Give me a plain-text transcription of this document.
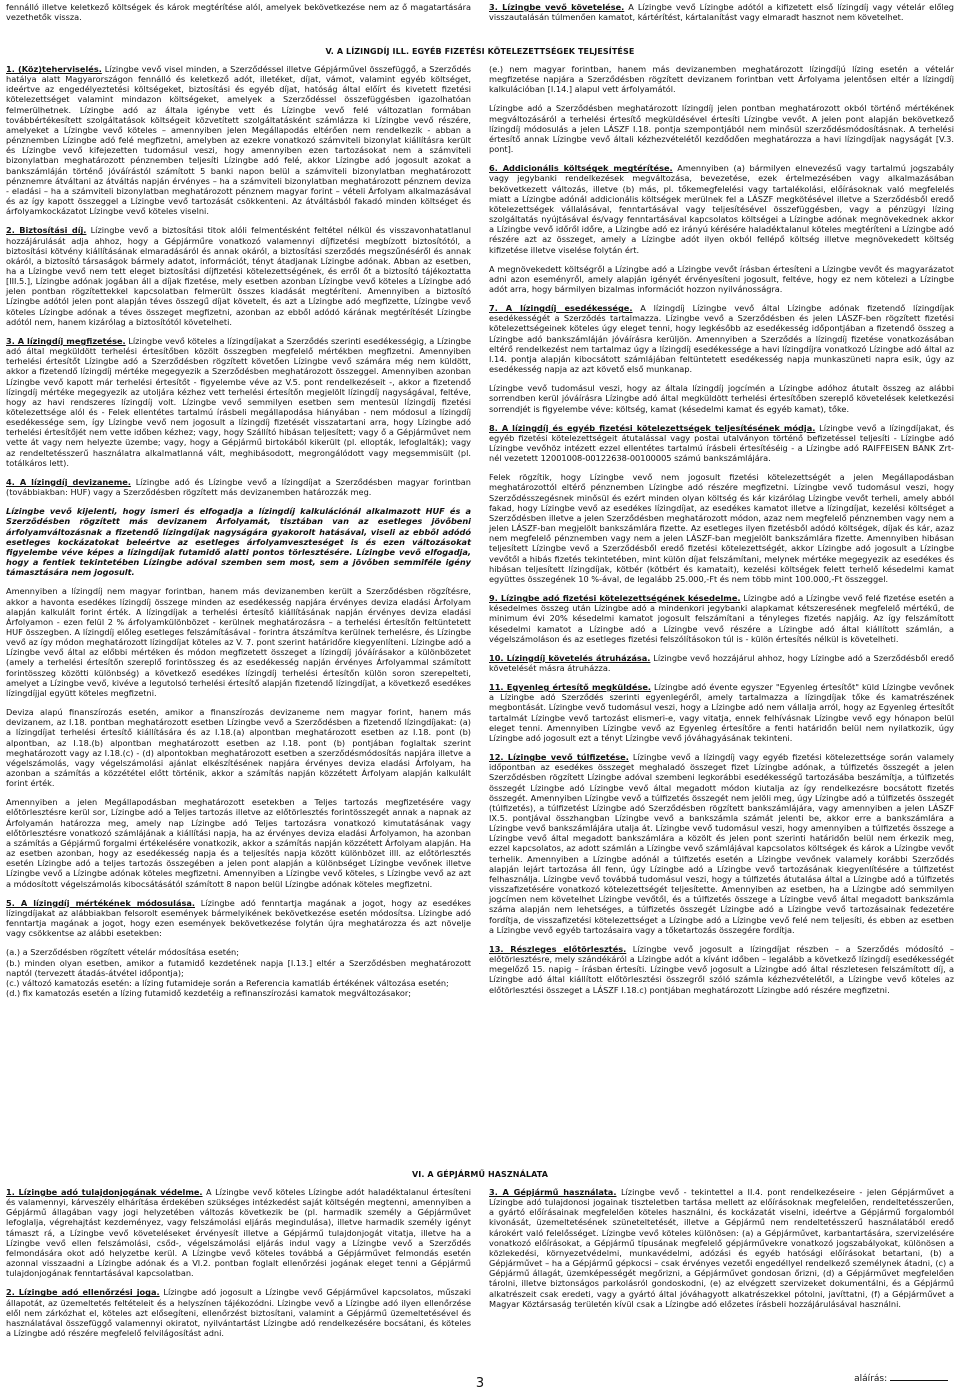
fennálló illetve keletkező költségek és károk megtérítése alól, amelyek bekövetkezése nem az ő magatartására vezethetők vissza.

3. Lízingbe vevő követelése. A Lízingbe vevő Lízingbe adótól a kifizetett első lízingdíj vagy vételár előleg visszautalásán túlmenően kamatot, kártérítést, kártalanítást vagy elmaradt hasznot nem követelhet.

V. A LÍZINGDÍJ ILL. EGYÉB FIZETÉSI KÖTELEZETTSÉGEK TELJESÍTÉSE

1. (Köz)teherviselés. Lízingbe vevő visel minden, a Szerződéssel illetve Gépjárművel összefüggő, a Szerződés hatálya alatt Magyarországon fennálló és keletkező adót, illetéket, díjat, vámot, valamint egyéb költséget, ideértve az engedélyeztetési költségeket, biztosítási és egyéb díjat, hatóság által előírt és kivetett fizetési kötelezettséget valamint mindazon költségeket, amelyek a Szerződéssel összefüggésben igazolhatóan felmerülhetnek. Lízingbe adó az általa igénybe vett és Lízingbe vevő felé változatlan formában továbbértékesített szolgáltatások költségeit közvetített szolgáltatásként számlázza ki Lízingbe vevő részére, amelyeket a Lízingbe vevő köteles – amennyiben jelen Megállapodás eltérően nem rendelkezik - abban a pénznemben Lízingbe adó felé megfizetni, amelyben az ezekre vonatkozó számviteli bizonylat kiállításra került és Lízingbe vevő kifejezetten tudomásul veszi, hogy amennyiben ezen tartozásokat nem a számviteli bizonylatban meghatározott pénznemben teljesíti Lízingbe adó felé, akkor Lízingbe adó jogosult azokat a bankszámláján történő jóváírástól számított 5 banki napon belül a számviteli bizonylatban meghatározott pénznemre átváltani az átváltás napján érvényes – ha a számviteli bizonylatban meghatározott pénznem deviza - eladási – ha a számviteli bizonylatban meghatározott pénznem magyar forint – vételi Árfolyam alkalmazásával és az így kapott összeggel a Lízingbe vevő tartozását csökkenteni. Az átváltásból fakadó minden költséget és árfolyamkockázatot Lízingbe vevő köteles viselni.

2. Biztosítási díj. Lízingbe vevő a biztosítási titok alóli felmentésként feltétel nélkül és visszavonhatatlanul hozzájárulását adja ahhoz, hogy a Gépjárműre vonatkozó valamennyi díjfizetési megbízott biztosítótól, a biztosítási kötvény kiállításának elmaradásáról és annak okáról, a biztosítási szerződés megszűnéséről és annak okáról, a biztosító társaságok bármely adatot, információt, tényt átadjanak Lízingbe adónak. Abban az esetben, ha a Lízingbe vevő nem tett eleget biztosítási díjfizetési kötelezettségének, és erről őt a biztosító tájékoztatta [III.5.], Lízingbe adónak jogában áll a díjak fizetése, mely esetben azonban Lízingbe vevő köteles a Lízingbe adó jelen pontban rögzítettekkel kapcsolatban felmerült összes kiadását megtéríteni. Amennyiben a biztosító Lízingbe adótól jelen pont alapján téves összegű díjat követelt, és azt a Lízingbe adó megfizette, Lízingbe vevő köteles Lízingbe adónak a téves összeget megfizetni, azonban az ebből adódó kárának megtérítését Lízingbe adótól nem, hanem kizárólag a biztosítótól követelheti.

3. A lízingdíj megfizetése. Lízingbe vevő köteles a lízingdíjakat a Szerződés szerinti esedékességig, a Lízingbe adó által megküldött terhelési értesítőben közölt összegben megfelelő mértékben megfizetni. Amennyiben terhelési értesítőt Lízingbe adó a Szerződésben rögzített követően Lízingbe vevő számára még nem küldött, akkor a fizetendő lízingdíj mértéke megegyezik a Szerződésben meghatározott összeggel. Amennyiben azonban Lízingbe vevő kapott már terhelési értesítőt - figyelembe véve az V.5. pont rendelkezéseit -, akkor a fizetendő lízingdíj mértéke megegyezik az utoljára kézhez vett terhelési értesítőn megjelölt lízingdíj nagyságával, feltéve, hogy az havi rendszeres lízingdíj volt. Lízingbe vevő semmilyen esetben sem mentesül lízingdíj fizetési kötelezettsége alól és - Felek ellentétes tartalmú írásbeli megállapodása hiányában - nem módosul a lízingdíj esedékessége sem, így Lízingbe vevő nem jogosult a lízingdíj fizetését visszatartani arra, hogy Lízingbe adó terhelési értesítőjét nem vette időben kézhez; vagy, hogy Szállító hibásan teljesített; vagy ő a Gépjárművet nem vette át vagy nem helyezte üzembe; vagy, hogy a Gépjármű birtokából kikerült (pl. ellopták, lefoglalták); vagy az rendeltetésszerű használatra alkalmatlanná vált, meghibásodott, megrongálódott vagy megsemmisült (pl. totálkáros lett).

4. A lízingdíj devizaneme. Lízingbe adó és Lízingbe vevő a lízingdíjat a Szerződésben magyar forintban (továbbiakban: HUF) vagy a Szerződésben rögzített más devizanemben határozzák meg.

Lízingbe vevő kijelenti, hogy ismeri és elfogadja a lízingdíj kalkulációnál alkalmazott HUF és a Szerződésben rögzített más devizanem Árfolyamát, tisztában van az esetleges jövőbeni árfolyamváltozásnak a fizetendő lízingdíjak nagyságára gyakorolt hatásával, viseli az ebből adódó esetleges kockázatokat beleértve az esetleges árfolyamveszteséget is és ezen változásokat figyelembe véve képes a lízingdíjak futamidő alatti pontos törlesztésére. Lízingbe vevő elfogadja, hogy a fentiek tekintetében Lízingbe adóval szemben sem most, sem a jövőben semmiféle igény támasztására nem jogosult.

Amennyiben a lízingdíj nem magyar forintban, hanem más devizanemben került a Szerződésben rögzítésre, akkor a havonta esedékes lízingdíj összege minden az esedékesség napjára érvényes deviza eladási Árfolyam alapján kalkulált forint érték. A lízingdíjak a terhelési értesítő kiállításának napján érvényes deviza eladási Árfolyamon - ezen felül 2 % árfolyamkülönbözet - kerülnek meghatározásra – a terhelési értesítőn feltüntetett HUF összegben. A lízingdíj előleg esetleges felszámításával - forintra átszámítva kerülnek terhelésre, és Lízingbe vevő az így módon meghatározott lízingdíjat köteles az V. 7. pont szerint határidőre kiegyenlíteni. Lízingbe adó a Lízingbe vevő által az előbbi mértéken és módon megfizetett összeget a lízingdíj jóváírásakor a különbözetet (amely a terhelési értesítőn szereplő forintösszeg és az esedékesség napján érvényes Árfolyammal számított forintösszeg közötti különbség) a következő esedékes lízingdíj terhelési értesítőn külön soron szerepelteti, amelyet a Lízingbe vevő, kivéve a legutolsó terhelési értesítő alapján fizetendő lízingdíjat, a következő esedékes lízingdíjjal együtt köteles megfizetni.

Deviza alapú finanszírozás esetén, amikor a finanszírozás devizaneme nem magyar forint, hanem más devizanem, az I.18. pontban meghatározott esetben Lízingbe vevő a Szerződésben a fizetendő lízingdíjakat: (a) a lízingdíjat terhelési értesítő kiállítására és az I.18.(a) alpontban meghatározott esetben az I.18. pont (b) alpontban, az I.18.(b) alpontban meghatározott esetben az I.18. pont (b) pontjában foglaltak szerint meghatározott vagy az I.18.(c) - (d) alpontokban meghatározott esetben a szerződésmódosítás napjára illetve a végelszámolás, vagy végelszámolási ajánlat elkészítésének napjára érvényes deviza eladási Árfolyam, ha azonban a számítás a közzététel előtt történik, akkor a számítás napján közzétett Árfolyam alapján kalkulált forint érték.

Amennyiben a jelen Megállapodásban meghatározott esetekben a Teljes tartozás megfizetésére vagy előtörlesztésre kerül sor, Lízingbe adó a Teljes tartozás illetve az előtörlesztés forintösszegét annak a napnak az Árfolyamán határozza meg, amely nap Lízingbe adó Teljes tartozásra vonatkozó kimutatásának vagy előtörlesztésre vonatkozó számlájának a kiállítási napja, ha az érvényes deviza eladási Árfolyamon, ha azonban a számítás a Gépjármű forgalmi értékelésére vonatkozik, akkor a számítás napján közzétett Árfolyam alapján. Ha az esetben azonban, hogy az esedékesség napja és a teljesítés napja között különbözet illl. az előtörlesztés esetén Lízingbe adó a teljes tartozás összegében a jelen pont alapján a különbséget Lízingbe vevőnek illetve Lízingbe vevő a Lízingbe adónak köteles megfizetni. Amennyiben a Lízingbe vevő köteles, s Lízingbe vevő az azt a módosított végelszámolás kibocsátásától számított 8 napon belül Lízingbe adónak köteles megfizetni.

5. A lízingdíj mértékének módosulása. Lízingbe adó fenntartja magának a jogot, hogy az esedékes lízingdíjakat az alábbiakban felsorolt események bármelyikének bekövetkezése esetén módosítsa. Lízingbe adó fenntartja magának a jogot, hogy ezen események bekövetkezése folytán újra meghatározza és azt növelje vagy csökkentse az alábbi esetekben:

(a.) a Szerződésben rögzített vételár módosítása esetén;

(b.) minden olyan esetben, amikor a futamidő kezdetének napja [I.13.] eltér a Szerződésben meghatározott naptól (tervezett átadás-átvétel időpontja);

(c.) változó kamatozás esetén: a lízing futamideje során a Referencia kamatláb értékének változása esetén;

(d.) fix kamatozás esetén a lízing futamidő kezdetéig a refinanszírozási kamatok megváltozásakor;

(e.) nem magyar forintban, hanem más devizanemben meghatározott lízingdíjú lízing esetén a vételár megfizetése napjára a Szerződésben rögzített devizanem forintban vett Árfolyama jelentősen eltér a lízingdíj kalkulációban [I.14.] alapul vett árfolyamától.

Lízingbe adó a Szerződésben meghatározott lízingdíj jelen pontban meghatározott okból történő mértékének megváltozásáról a terhelési értesítő megküldésével értesíti Lízingbe vevőt. A jelen pont alapján bekövetkező lízingdíj módosulás a jelen LÁSZF I.18. pontja szempontjából nem minősül szerződésmódosításnak. A terhelési értesítő annak Lízingbe vevő általi kézhezvételétől kezdődően meghatározza a havi lízingdíjak nagyságát [V.3. pont].

6. Addicionális költségek megtérítése. Amennyiben (a) bármilyen elnevezésű vagy tartalmú jogszabály vagy jegybanki rendelkezések megváltozása, bevezetése, ezek értelmezésében vagy alkalmazásában bekövetkezett változás, illetve (b) más, pl. tőkemegfelelési vagy tartalékolási, előírásoknak való megfelelés miatt a Lízingbe adónál addicionális költségek merülnek fel a LÁSZF megkötésével illetve a Szerződésből eredő kötelezettségek vállalásával, fenntartásával vagy teljesítésével összefüggésben, vagy a pénzügyi lízing szolgáltatás nyújtásával és/vagy fenntartásával kapcsolatos költségei a Lízingbe adónak megnövekednek akkor a Lízingbe vevő időről időre, a Lízingbe adó ez irányú kérésére haladéktalanul köteles megtéríteni a Lízingbe adó részére azt az összeget, amely a Lízingbe adót ilyen okból fellépő költség illetve megnövekedett költség kifizetése illetve viselése folytán ért.

A megnövekedett költségről a Lízingbe adó a Lízingbe vevőt írásban értesíteni a Lízingbe vevőt és magyarázatot adni azon eseményről, amely alapján igényét érvényesíteni jogosult, feltéve, hogy ez nem kötelezi a Lízingbe adót arra, hogy bármilyen bizalmas információt hozzon nyilvánosságra.

7. A lízingdíj esedékessége. A lízingdíj Lízingbe vevő által Lízingbe adónak fizetendő lízingdíjak esedékességét a Szerződés tartalmazza. Lízingbe vevő a Szerződésben és jelen LÁSZF-ben rögzített fizetési kötelezettségeinek köteles úgy eleget tenni, hogy legkésőbb az esedékesség időpontjában a fizetendő összeg a Lízingbe adó bankszámláján jóváírásra kerüljön. Amennyiben a Szerződés a lízingdíj fizetése vonatkozásában eltérő rendelkezést nem tartalmaz úgy a lízingdíj esedékessége a havi lízingdíjra vonatkozó Lízingbe adó által az I.14. pontja alapján kibocsátott számlájában feltüntetett esedékesség napja munkaszüneti napra esik, úgy az esedékesség napja az azt követő első munkanap.

Lízingbe vevő tudomásul veszi, hogy az általa lízingdíj jogcímén a Lízingbe adóhoz átutalt összeg az alábbi sorrendben kerül jóváírásra Lízingbe adó által megküldött terhelési értesítőben szereplő követelések keletkezési sorrendjét is figyelembe véve: költség, kamat (késedelmi kamat és egyéb kamat), tőke.

8. A lízingdíj és egyéb fizetési kötelezettségek teljesítésének módja. Lízingbe vevő a lízingdíjakat, és egyéb fizetési kötelezettségeit átutalással vagy postai utalványon történő befizetéssel teljesíti - Lízingbe adó Lízingbe vevőhöz intézett ezzel ellentétes tartalmú írásbeli értesítéséig - a Lízingbe adó RAIFFEISEN BANK Zrt-nél vezetett 12001008-00122638-00100005 számú bankszámlájára.

Felek rögzítik, hogy Lízingbe vevő nem jogosult fizetési kötelezettségét a jelen Megállapodásban meghatározottól eltérő pénznemben Lízingbe adó részére megfizetni. Lízingbe vevő tudomásul veszi, hogy Szerződésszegésnek minősül és ezért minden olyan költség és kár kizárólag Lízingbe vevőt terheli, amely abból fakad, hogy Lízingbe vevő az esedékes lízingdíjat, az esedékes kamatot illetve a lízingdíjat, kezelési költséget a Szerződésben illetve a jelen Szerződésben meghatározott módon, azaz nem megfelelő pénznemben vagy nem a jelen LÁSZF-ban megjelölt bankszámlára fizette. Az esetleges ilyen fizetésből adódó költségek, díjak és kár, azaz nem megfelelő pénznemben vagy nem a jelen LÁSZF-ban megjelölt bankszámlára fizette. Amennyiben hibásan teljesített Lízingbe vevő a Szerződésből eredő fizetési kötelezettségét, akkor Lízingbe adó jogosult a Lízingbe vevőtől a hibás fizetés tekintetében, mint külön díjat felszámítani, melynek mértéke megegyezik az esedékes és hibásan teljesített lízingdíjak, kötbér (kötbért és kamatait), kezelési költségek felett terhelő késedelmi kamat együttes összegének 10 %-ával, de legalább 25.000,-Ft és nem több mint 100.000,-Ft összeggel.

9. Lízingbe adó fizetési kötelezettségének késedelme. Lízingbe adó a Lízingbe vevő felé fizetése esetén a késedelmes összeg után Lízingbe adó a mindenkori jegybanki alapkamat kétszeresének megfelelő mértékű, de minimum évi 20% késedelmi kamatot jogosult felszámítani a tényleges fizetés napjáig. Az így felszámított késedelmi kamatot a Lízingbe adó a Lízingbe vevő részére a Lízingbe adó által kiállított számlán, a végelszámoláson és az esetleges fizetési felszólításokon túl is - külön értesítés nélkül is követelheti.

10. Lízingdíj követelés átruházása. Lízingbe vevő hozzájárul ahhoz, hogy Lízingbe adó a Szerződésből eredő követelését másra átruházza.

11. Egyenleg értesítő megküldése. Lízingbe adó évente egyszer "Egyenleg értesítőt" küld Lízingbe vevőnek a Lízingbe adó Szerződés szerinti egyenlegéről, amely tartalmazza a lízingdíjak tőke és kamatrészének megbontását. Lízingbe vevő tudomásul veszi, hogy a Lízingbe adó nem vállalja arról, hogy az Egyenleg értesítőt tartalmát Lízingbe vevő tartozást elismeri-e, vagy vitatja, ennek felhívásnak Lízingbe vevő egy hónapon belül eleget tenni. Amennyiben Lízingbe vevő az Egyenleg értesítőre a fenti határidőn belül nem nyilatkozik, úgy Lízingbe adó jogosult ezt a tényt Lízingbe vevő jóváhagyásának tekinteni.

12. Lízingbe vevő túlfizetése. Lízingbe vevő a lízingdíj vagy egyéb fizetési kötelezettsége során valamely időpontban az esedékes összeget meghaladó összeget fizet Lízingbe adónak, a túlfizetés összegét a jelen Szerződésben rögzített Lízingbe adóval szembeni legkorábbi esedékességű tartozásába beszámítja, a túlfizetés összegét Lízingbe adó Lízingbe vevő által megadott módon kiutalja az így rendelkezésre bocsátott fizetés összegét. Amennyiben Lízingbe vevő a túlfizetés összegét nem jelöli meg, úgy Lízingbe adó a túlfizetés összegét (túlfizetés), a túlfizetést Lízingbe adó Szerződésben rögzített bankszámlájára, vagy amennyiben a jelen LÁSZF IX.5. pontjával összhangban Lízingbe vevő a bankszámla számát jelenti be, akkor erre a bankszámlára a Lízingbe vevő bankszámlájára utalja át. Lízingbe vevő tudomásul veszi, hogy amennyiben a túlfizetés összege a Lízingbe vevő által megadott bankszámlára a közölt és jelen pont szerinti határidőn belül nem érkezik meg, ezzel kapcsolatos, az adott számlán a Lízingbe vevő számlájával kapcsolatos költségek és károk a Lízingbe vevőt terhelik. Amennyiben a Lízingbe adónál a túlfizetés esetén a Lízingbe vevőnek valamely korábbi Szerződés alapján lejárt tartozása áll fenn, úgy Lízingbe adó a Lízingbe vevő tartozásának kiegyenlítésére a túlfizetést felhasználja. Lízingbe vevő továbbá tudomásul veszi, hogy a túlfizetés átutalása által a Lízingbe adó a túlfizetés visszafizetésére vonatkozó kötelezettségét teljesítette. Amennyiben az esetben, ha a Lízingbe adó semmilyen jogcímen nem követelhet Lízingbe vevőtől, és a túlfizetés összege a Lízingbe vevő által megadott bankszámla száma alapján nem lehetséges, a túlfizetés összegét Lízingbe adó a Lízingbe vevő tartozásainak fedezetére fordítja, de visszafizetési kötelezettséget a Lízingbe adó a Lízingbe vevő felé nem teljesíti, és ebben az esetben a Lízingbe vevő egyéb tartozásaira vagy a tőketartozás összegére fordítja.

13. Részleges előtörlesztés. Lízingbe vevő jogosult a lízingdíjat részben – a Szerződés módosító – előtörlesztésre, mely szándékáról a Lízingbe adót a kívánt időben – legalább a következő lízingdíj esedékességét megelőző 15. napig – írásban értesíti. Lízingbe vevő jogosult a Lízingbe adó által részletesen felszámított díj, a Lízingbe adó által kiállított előtörlesztési összegről szóló számla kézhezvételétől, a Lízingbe vevő köteles az előtörlesztési összeget a LÁSZF I.18.c) pontjában meghatározott Lízingbe adó részére megfizetni.

VI. A GÉPJÁRMŰ HASZNÁLATA

1. Lízingbe adó tulajdonjogának védelme. A Lízingbe vevő köteles Lízingbe adót haladéktalanul értesíteni és valamennyi, kárveszély elhárítása érdekében szükséges intézkedést saját költségén megtenni, amennyiben a Gépjármű állagában vagy jogi helyzetében változás következik be (pl. harmadik személy a Gépjárművet lefoglalja, végrehajtást kezdeményez, vagy felszámolási eljárás megindulása), illetve harmadik személy igényt támaszt rá, a Lízingbe vevő követeléseket érvényesít illetve a Gépjármű tulajdonjogát vitatja, illetve ha a Lízingbe vevő ellen felszámolási, csőd-, végelszámolási eljárás indul vagy a Lízingbe vevő a Szerződés felmondására okot adó helyzetbe kerül. A Lízingbe vevő köteles továbbá a Gépjárművet felmondás esetén azonnal visszaadni a Lízingbe adónak és a VI.2. pontban foglalt ellenőrzési jogának eleget tenni a Gépjármű tulajdonjogának fenntartásával kapcsolatban.

2. Lízingbe adó ellenőrzési joga. Lízingbe adó jogosult a Lízingbe vevő Gépjárművel kapcsolatos, műszaki állapotát, az üzemeltetés feltételeit és a helyszínen tájékozódni. Lízingbe vevő a Lízingbe adó ilyen ellenőrzése elől nem zárkózhat el, köteles azt elősegíteni, ellenőrzést biztosítani, valamint a Gépjármű üzemeltetésével és használatával összefüggő valamennyi okiratot, nyilvántartást Lízingbe adó rendelkezésére bocsátani, és köteles a Lízingbe adó részére megfelelő felvilágosítást adni.

3. A Gépjármű használata. Lízingbe vevő - tekintettel a II.4. pont rendelkezéseire - jelen Gépjárművet a Lízingbe adó tulajdonosi jogainak tiszteletben tartása mellett az előírásoknak megfelelően, rendeltetésszerűen, a gyártó előírásainak megfelelően köteles használni, és kockázatát viselni, ideértve a Gépjármű forgalomból kivonását, üzemeltetésének szüneteltetését, illetve a Gépjármű nem rendeltetésszerű használatából eredő károkért való felelősséget. Lízingbe vevő köteles különösen: (a) a Gépjárművet, karbantartására, szervizelésére vonatkozó előírásokat, a Gépjármű típusának megfelelő gépjárművekre vonatkozó jogszabályokat, különösen a közlekedési, környezetvédelmi, munkavédelmi, adózási és egyéb hatósági előírásokat betartani, (b) a Gépjárművet – ha a Gépjármű gépkocsi – csak érvényes vezetői engedéllyel rendelkező személynek átadni, (c) a Gépjármű állagát, üzemképességét megőrizni, a Gépjárművet gondosan őrizni, (d) a Gépjárművet megfelelően tárolni, illetve biztonságos parkolásról gondoskodni, (e) az elvégzett szervizeket dokumentálni, és a Gépjármű alkatrészeit csak eredeti, vagy a gyártó által jóváhagyott alkatrészekkel pótolni, javíttatni, (f) a Gépjárművet a Magyar Köztársaság területén kívül csak a Lízingbe adó előzetes írásbeli hozzájárulásával használni.

3	aláírás:
